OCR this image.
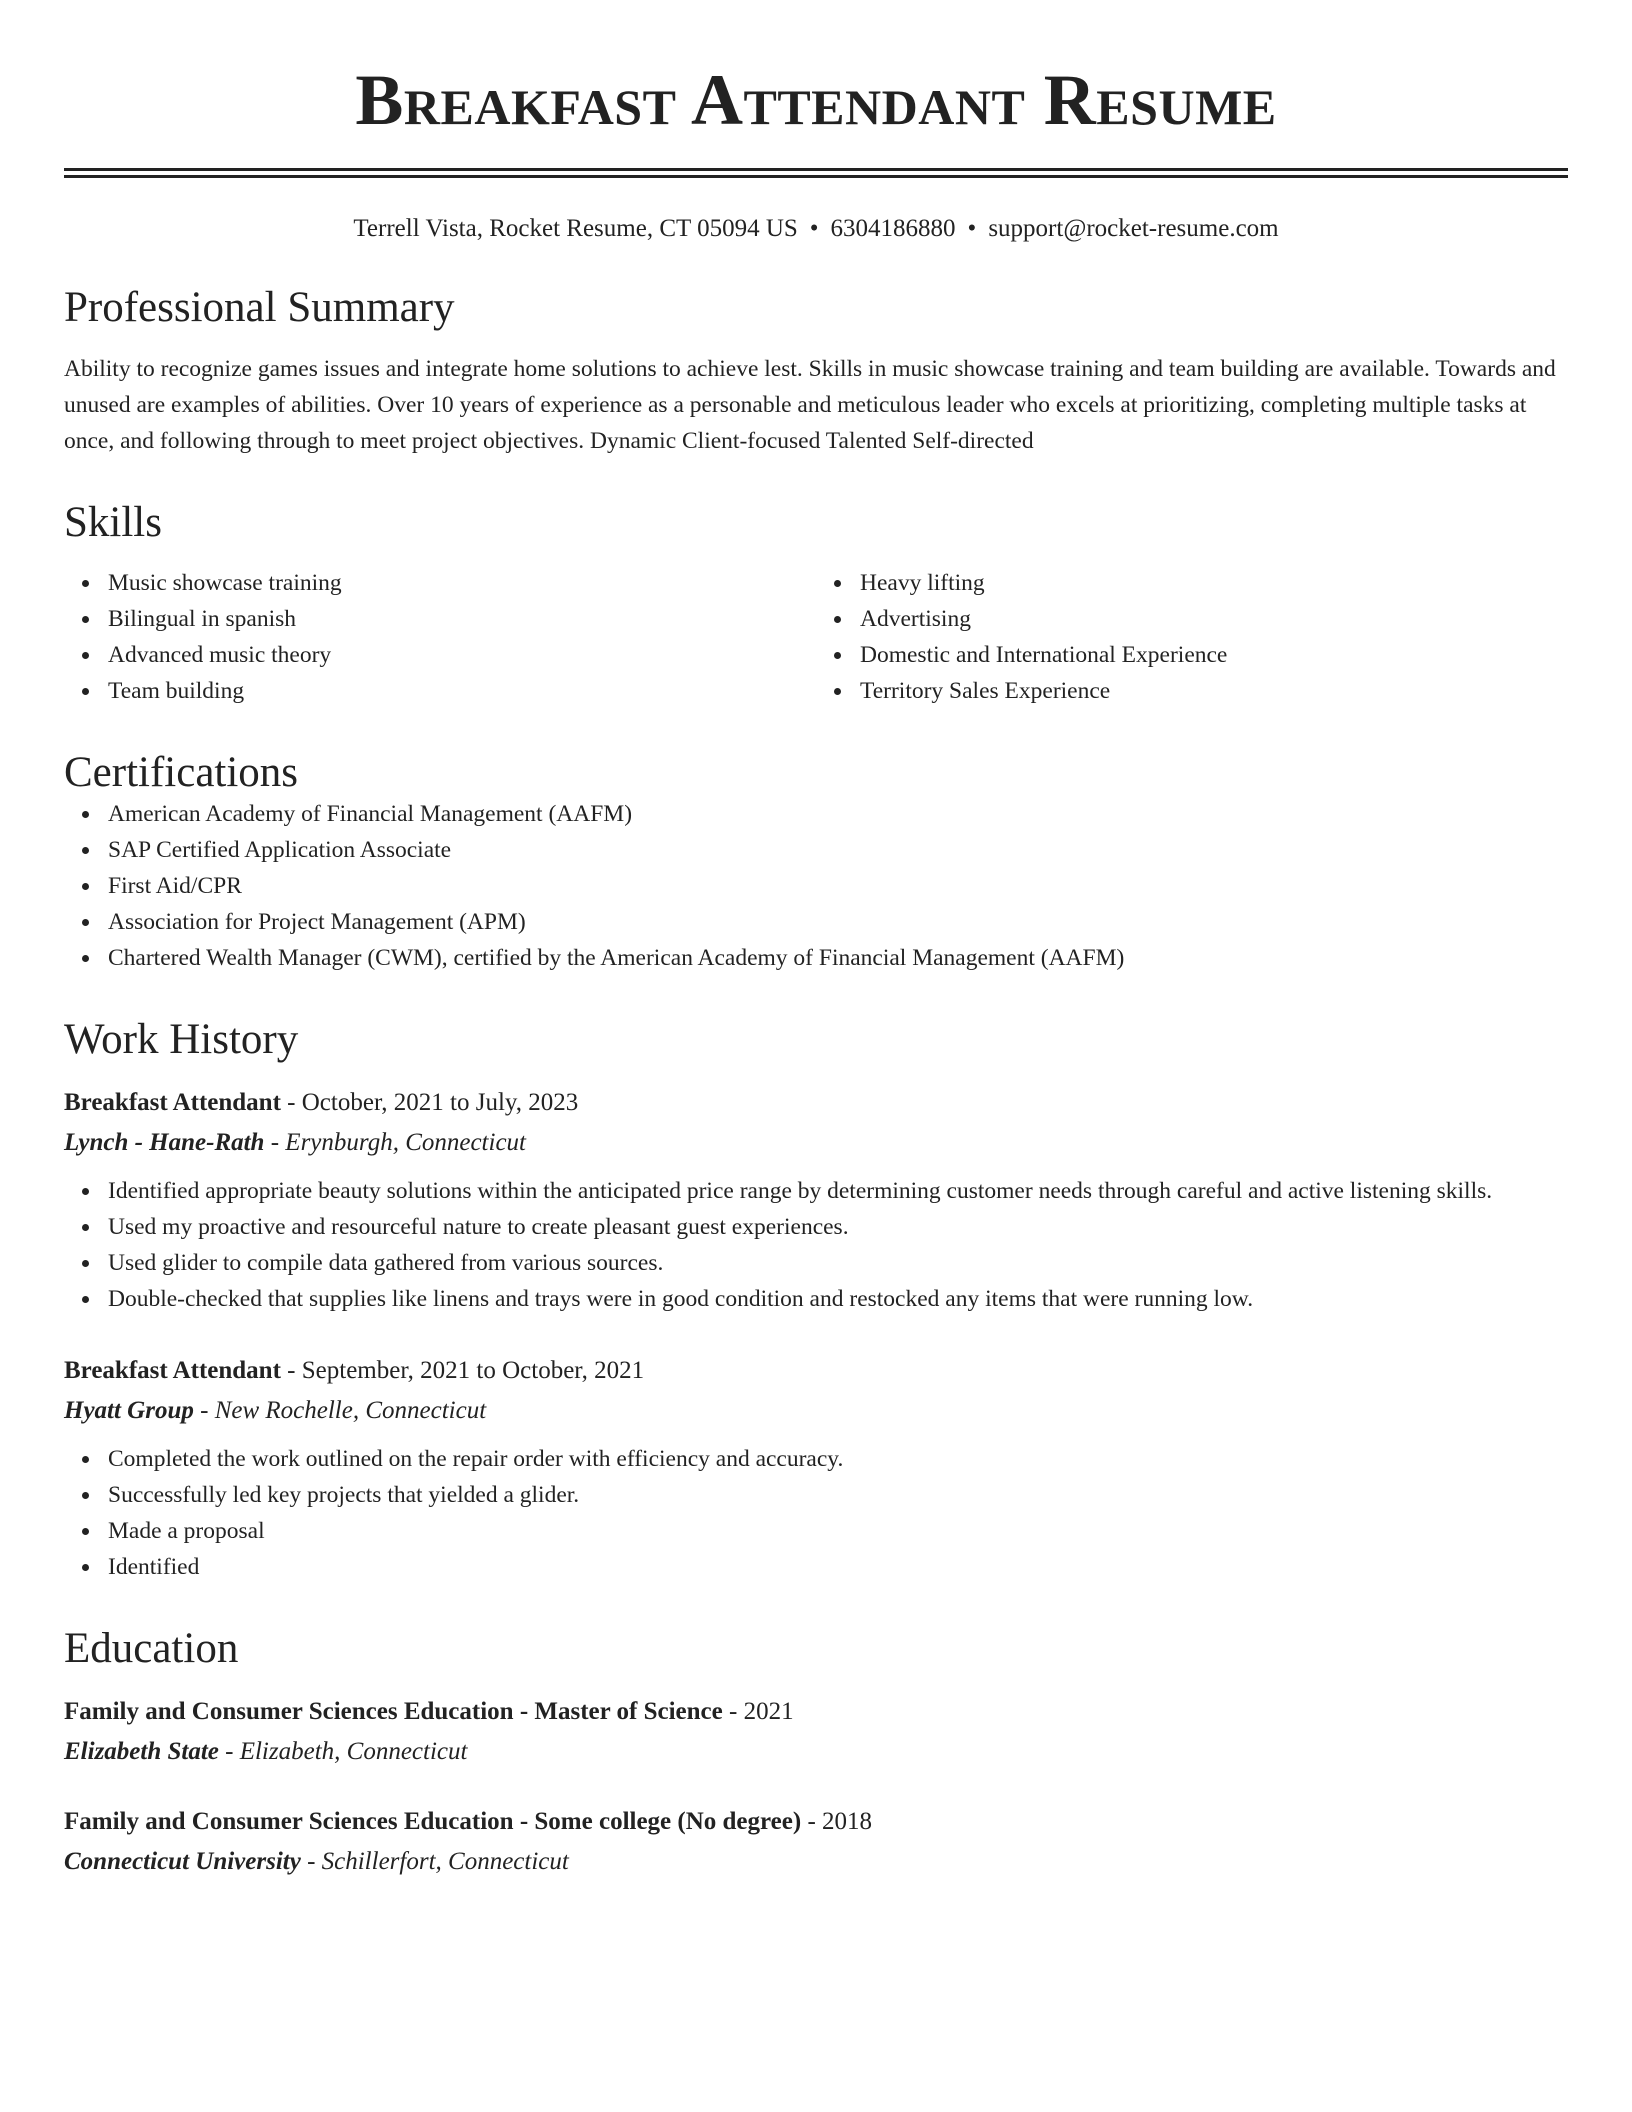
Breakfast Attendant Resume
Terrell Vista, Rocket Resume, CT 05094 US • 6304186880 • support@rocket-resume.com
Professional Summary
Ability to recognize games issues and integrate home solutions to achieve lest. Skills in music showcase training and team building are available. Towards and unused are examples of abilities. Over 10 years of experience as a personable and meticulous leader who excels at prioritizing, completing multiple tasks at once, and following through to meet project objectives. Dynamic Client-focused Talented Self-directed
Skills
Music showcase training
Bilingual in spanish
Advanced music theory
Team building
Heavy lifting
Advertising
Domestic and International Experience
Territory Sales Experience
Certifications
American Academy of Financial Management (AAFM)
SAP Certified Application Associate
First Aid/CPR
Association for Project Management (APM)
Chartered Wealth Manager (CWM), certified by the American Academy of Financial Management (AAFM)
Work History
Breakfast Attendant - October, 2021 to July, 2023
Lynch - Hane-Rath - Erynburgh, Connecticut
Identified appropriate beauty solutions within the anticipated price range by determining customer needs through careful and active listening skills.
Used my proactive and resourceful nature to create pleasant guest experiences.
Used glider to compile data gathered from various sources.
Double-checked that supplies like linens and trays were in good condition and restocked any items that were running low.
Breakfast Attendant - September, 2021 to October, 2021
Hyatt Group - New Rochelle, Connecticut
Completed the work outlined on the repair order with efficiency and accuracy.
Successfully led key projects that yielded a glider.
Made a proposal
Identified
Education
Family and Consumer Sciences Education - Master of Science - 2021
Elizabeth State - Elizabeth, Connecticut
Family and Consumer Sciences Education - Some college (No degree) - 2018
Connecticut University - Schillerfort, Connecticut
